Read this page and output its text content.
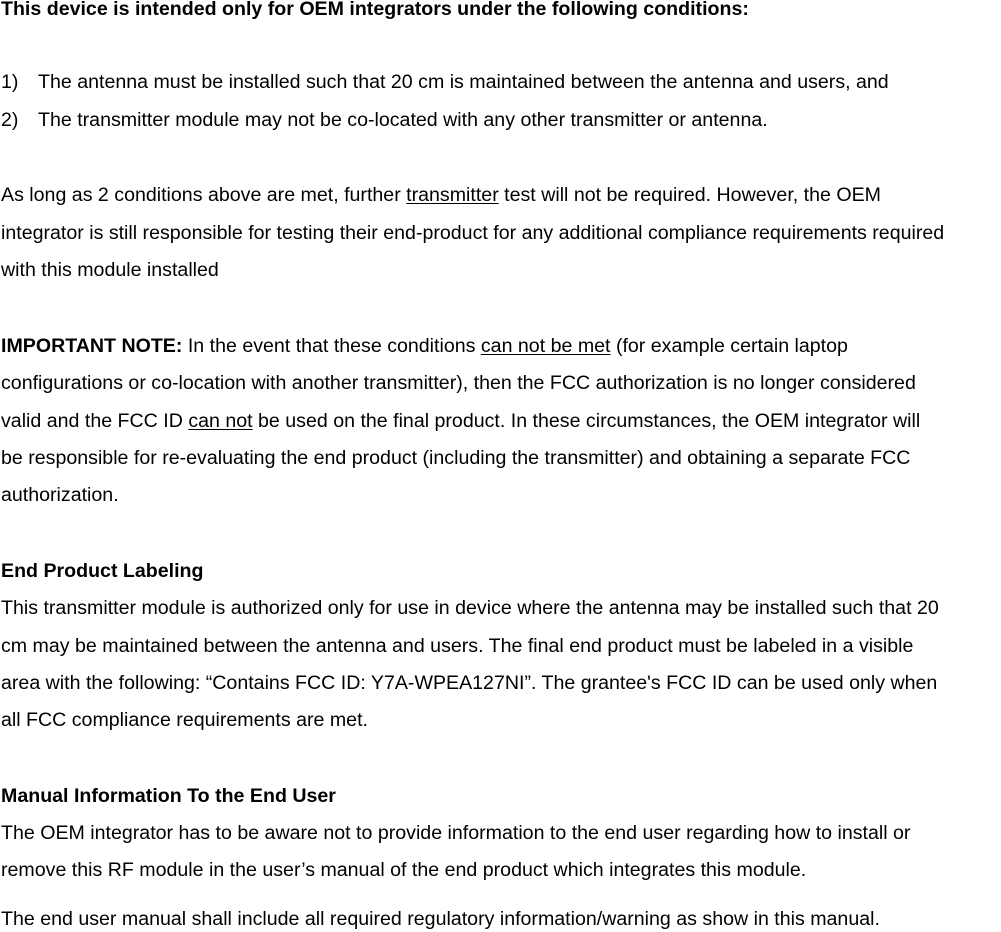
This device is intended only for OEM integrators under the following conditions:

1) The antenna must be installed such that 20 cm is maintained between the antenna and users, and

2) The transmitter module may not be co-located with any other transmitter or antenna.

As long as 2 conditions above are met, further transmitter test will not be required. However, the OEM

integrator is still responsible for testing their end-product for any additional compliance requirements required

with this module installed

IMPORTANT NOTE: In the event that these conditions can not be met (for example certain laptop

configurations or co-location with another transmitter), then the FCC authorization is no longer considered

valid and the FCC ID can not be used on the final product. In these circumstances, the OEM integrator will

be responsible for re-evaluating the end product (including the transmitter) and obtaining a separate FCC

authorization.

End Product Labeling

This transmitter module is authorized only for use in device where the antenna may be installed such that 20

cm may be maintained between the antenna and users. The final end product must be labeled in a visible

area with the following: “Contains FCC ID: Y7A-WPEA127NI”. The grantee's FCC ID can be used only when

all FCC compliance requirements are met.

Manual Information To the End User

The OEM integrator has to be aware not to provide information to the end user regarding how to install or

remove this RF module in the user’s manual of the end product which integrates this module.

The end user manual shall include all required regulatory information/warning as show in this manual.
